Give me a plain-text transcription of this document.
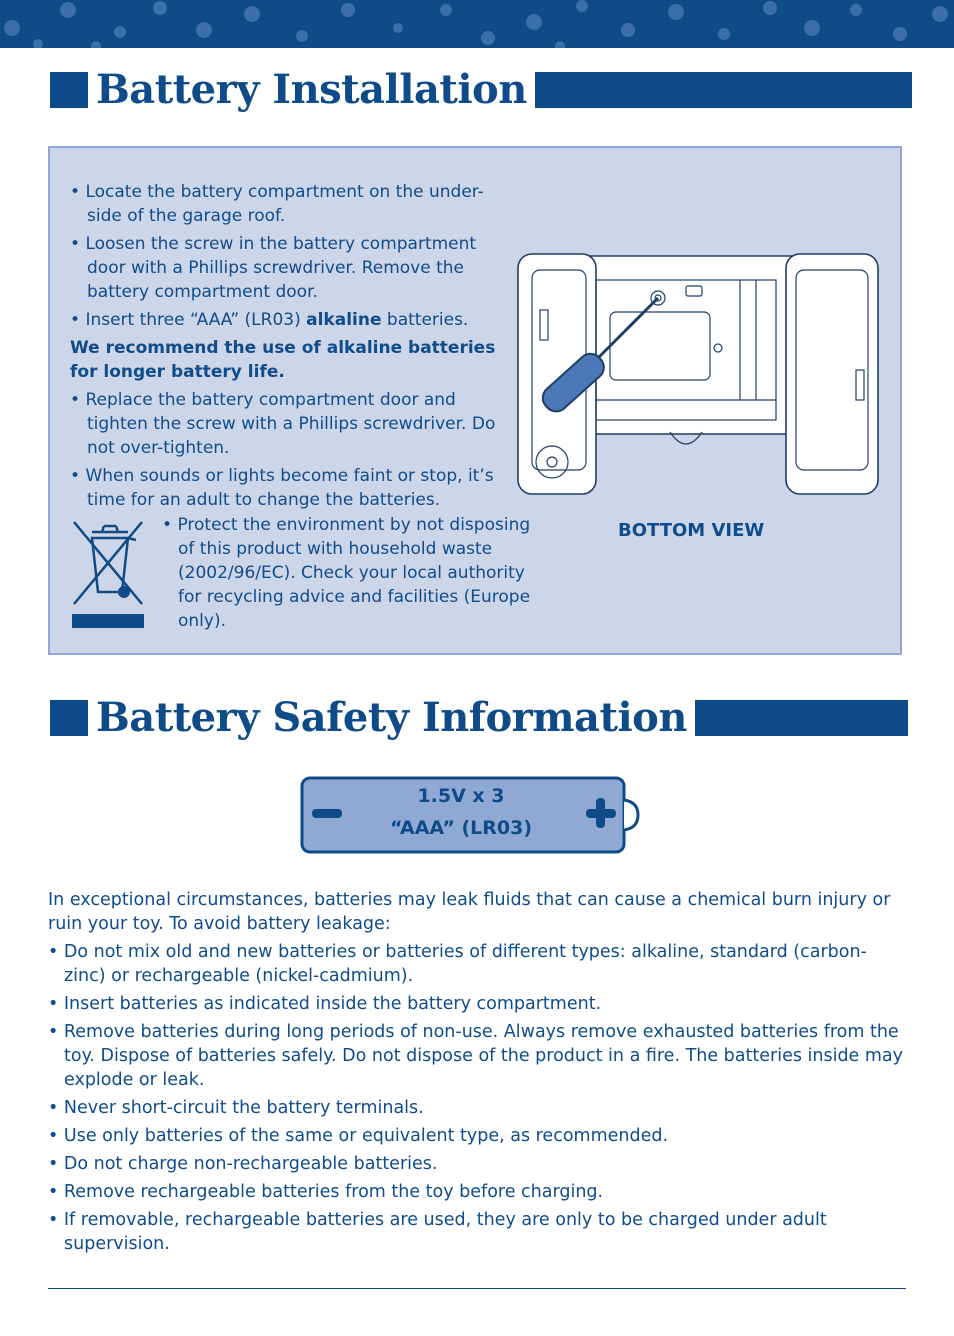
Battery Installation
• Locate the battery compartment on the under-side of the garage roof.
• Loosen the screw in the battery compartment door with a Phillips screwdriver. Remove the battery compartment door.
• Insert three “AAA” (LR03) alkaline batteries.
We recommend the use of alkaline batteries for longer battery life.
• Replace the battery compartment door and tighten the screw with a Phillips screwdriver. Do not over-tighten.
• When sounds or lights become faint or stop, it’s time for an adult to change the batteries.
• Protect the environment by not disposing of this product with household waste (2002/96/EC). Check your local authority for recycling advice and facilities (Europe only).
BOTTOM VIEW
Battery Safety Information
1.5V x 3
“AAA” (LR03)

In exceptional circumstances, batteries may leak fluids that can cause a chemical burn injury or ruin your toy. To avoid battery leakage:

• Do not mix old and new batteries or batteries of different types: alkaline, standard (carbon-zinc) or rechargeable (nickel-cadmium).
• Insert batteries as indicated inside the battery compartment.
• Remove batteries during long periods of non-use. Always remove exhausted batteries from the toy. Dispose of batteries safely. Do not dispose of the product in a fire. The batteries inside may explode or leak.
• Never short-circuit the battery terminals.
• Use only batteries of the same or equivalent type, as recommended.
• Do not charge non-rechargeable batteries.
• Remove rechargeable batteries from the toy before charging.
• If removable, rechargeable batteries are used, they are only to be charged under adult supervision.
